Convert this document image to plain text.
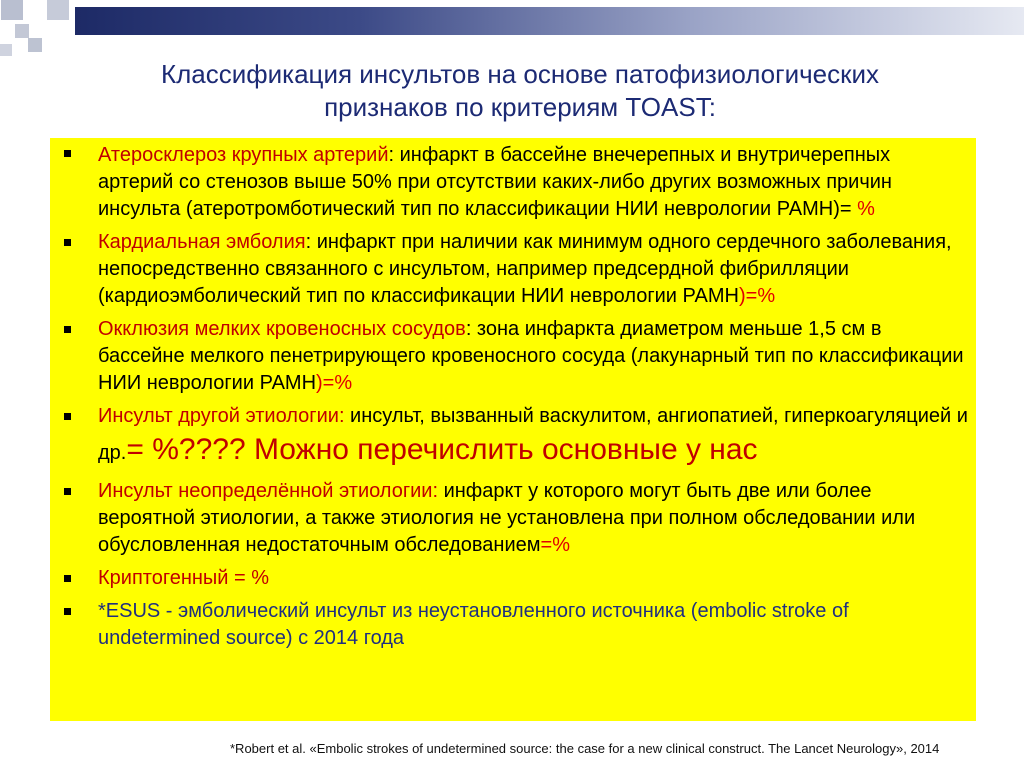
Классификация инсультов на основе патофизиологических
признаков по критериям TOAST:
Атеросклероз крупных артерий: инфаркт в бассейне внечерепных и внутричерепных артерий со стенозов выше 50% при отсутствии каких-либо других возможных причин инсульта (атеротромботический тип по классификации НИИ неврологии РАМН)= %
Кардиальная эмболия: инфаркт при наличии как минимум одного сердечного заболевания, непосредственно связанного с инсультом, например предсердной фибрилляции (кардиоэмболический тип по классификации НИИ неврологии РАМН)=%
Окклюзия мелких кровеносных сосудов: зона инфаркта диаметром меньше 1,5 см в бассейне мелкого пенетрирующего кровеносного сосуда (лакунарный тип по классификации НИИ неврологии РАМН)=%
Инсульт другой этиологии: инсульт, вызванный васкулитом, ангиопатией, гиперкоагуляцией и др.= %???? Можно перечислить основные у нас
Инсульт неопределённой этиологии: инфаркт у которого могут быть две или более вероятной этиологии, а также этиология не установлена при полном обследовании или обусловленная недостаточным обследованием=%
Криптогенный = %
*ESUS - эмболический инсульт из неустановленного источника (embolic stroke of undetermined source) с 2014 года
*Robert et al. «Embolic strokes of undetermined source: the case for a new clinical construct. The Lancet Neurology», 2014
